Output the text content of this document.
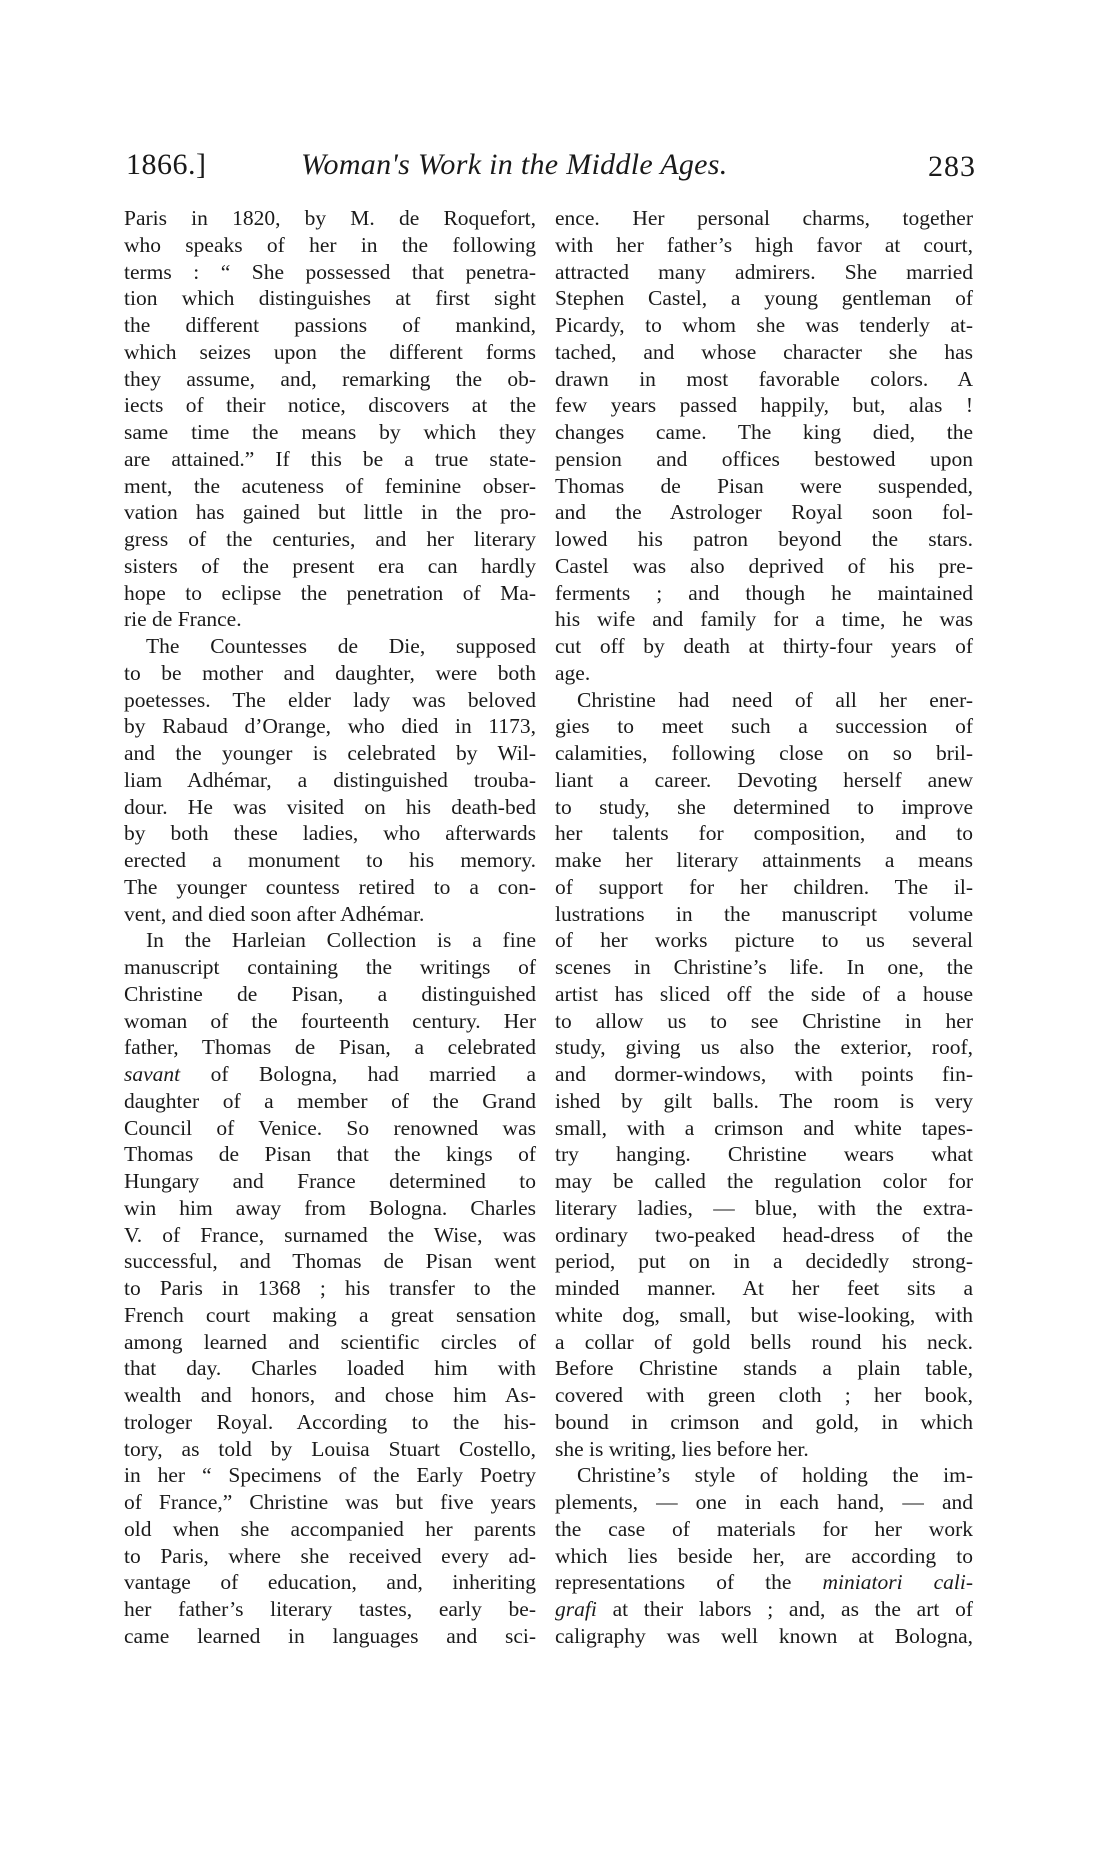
1866.]	Woman's Work in the Middle Ages.	283
Paris in 1820, by M. de Roquefort,
who speaks of her in the following
terms : “ She possessed that penetra-
tion which distinguishes at first sight
the different passions of mankind,
which seizes upon the different forms
they assume, and, remarking the ob-
iects of their notice, discovers at the
same time the means by which they
are attained.” If this be a true state-
ment, the acuteness of feminine obser-
vation has gained but little in the pro-
gress of the centuries, and her literary
sisters of the present era can hardly
hope to eclipse the penetration of Ma-
rie de France.
The Countesses de Die, supposed
to be mother and daughter, were both
poetesses. The elder lady was beloved
by Rabaud d’Orange, who died in 1173,
and the younger is celebrated by Wil-
liam Adhémar, a distinguished trouba-
dour. He was visited on his death-bed
by both these ladies, who afterwards
erected a monument to his memory.
The younger countess retired to a con-
vent, and died soon after Adhémar.
In the Harleian Collection is a fine
manuscript containing the writings of
Christine de Pisan, a distinguished
woman of the fourteenth century. Her
father, Thomas de Pisan, a celebrated
savant of Bologna, had married a
daughter of a member of the Grand
Council of Venice. So renowned was
Thomas de Pisan that the kings of
Hungary and France determined to
win him away from Bologna. Charles
V. of France, surnamed the Wise, was
successful, and Thomas de Pisan went
to Paris in 1368 ; his transfer to the
French court making a great sensation
among learned and scientific circles of
that day. Charles loaded him with
wealth and honors, and chose him As-
trologer Royal. According to the his-
tory, as told by Louisa Stuart Costello,
in her “ Specimens of the Early Poetry
of France,” Christine was but five years
old when she accompanied her parents
to Paris, where she received every ad-
vantage of education, and, inheriting
her father’s literary tastes, early be-
came learned in languages and sci-
ence. Her personal charms, together
with her father’s high favor at court,
attracted many admirers. She married
Stephen Castel, a young gentleman of
Picardy, to whom she was tenderly at-
tached, and whose character she has
drawn in most favorable colors. A
few years passed happily, but, alas !
changes came. The king died, the
pension and offices bestowed upon
Thomas de Pisan were suspended,
and the Astrologer Royal soon fol-
lowed his patron beyond the stars.
Castel was also deprived of his pre-
ferments ; and though he maintained
his wife and family for a time, he was
cut off by death at thirty-four years of
age.
Christine had need of all her ener-
gies to meet such a succession of
calamities, following close on so bril-
liant a career. Devoting herself anew
to study, she determined to improve
her talents for composition, and to
make her literary attainments a means
of support for her children. The il-
lustrations in the manuscript volume
of her works picture to us several
scenes in Christine’s life. In one, the
artist has sliced off the side of a house
to allow us to see Christine in her
study, giving us also the exterior, roof,
and dormer-windows, with points fin-
ished by gilt balls. The room is very
small, with a crimson and white tapes-
try hanging. Christine wears what
may be called the regulation color for
literary ladies, — blue, with the extra-
ordinary two-peaked head-dress of the
period, put on in a decidedly strong-
minded manner. At her feet sits a
white dog, small, but wise-looking, with
a collar of gold bells round his neck.
Before Christine stands a plain table,
covered with green cloth ; her book,
bound in crimson and gold, in which
she is writing, lies before her.
Christine’s style of holding the im-
plements, — one in each hand, — and
the case of materials for her work
which lies beside her, are according to
representations of the miniatori cali-
grafi at their labors ; and, as the art of
caligraphy was well known at Bologna,
